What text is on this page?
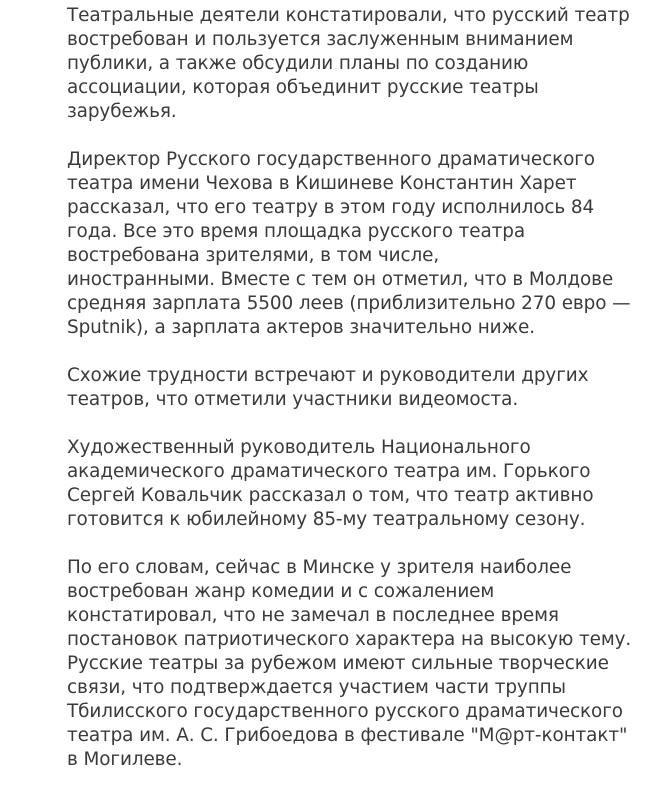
Театральные деятели констатировали, что русский театр
востребован и пользуется заслуженным вниманием
публики, а также обсудили планы по созданию
ассоциации, которая объединит русские театры
зарубежья.

Директор Русского государственного драматического
театра имени Чехова в Кишиневе Константин Харет
рассказал, что его театру в этом году исполнилось 84
года. Все это время площадка русского театра
востребована зрителями, в том числе,
иностранными. Вместе с тем он отметил, что в Молдове
средняя зарплата 5500 леев (приблизительно 270 евро —
Sputnik), а зарплата актеров значительно ниже.

Схожие трудности встречают и руководители других
театров, что отметили участники видеомоста.

Художественный руководитель Национального
академического драматического театра им. Горького
Сергей Ковальчик рассказал о том, что театр активно
готовится к юбилейному 85-му театральному сезону.

По его словам, сейчас в Минске у зрителя наиболее
востребован жанр комедии и с сожалением
констатировал, что не замечал в последнее время
постановок патриотического характера на высокую тему.
Русские театры за рубежом имеют сильные творческие
связи, что подтверждается участием части труппы
Тбилисского государственного русского драматического
театра им. А. С. Грибоедова в фестивале "М@рт-контакт"
в Могилеве.
